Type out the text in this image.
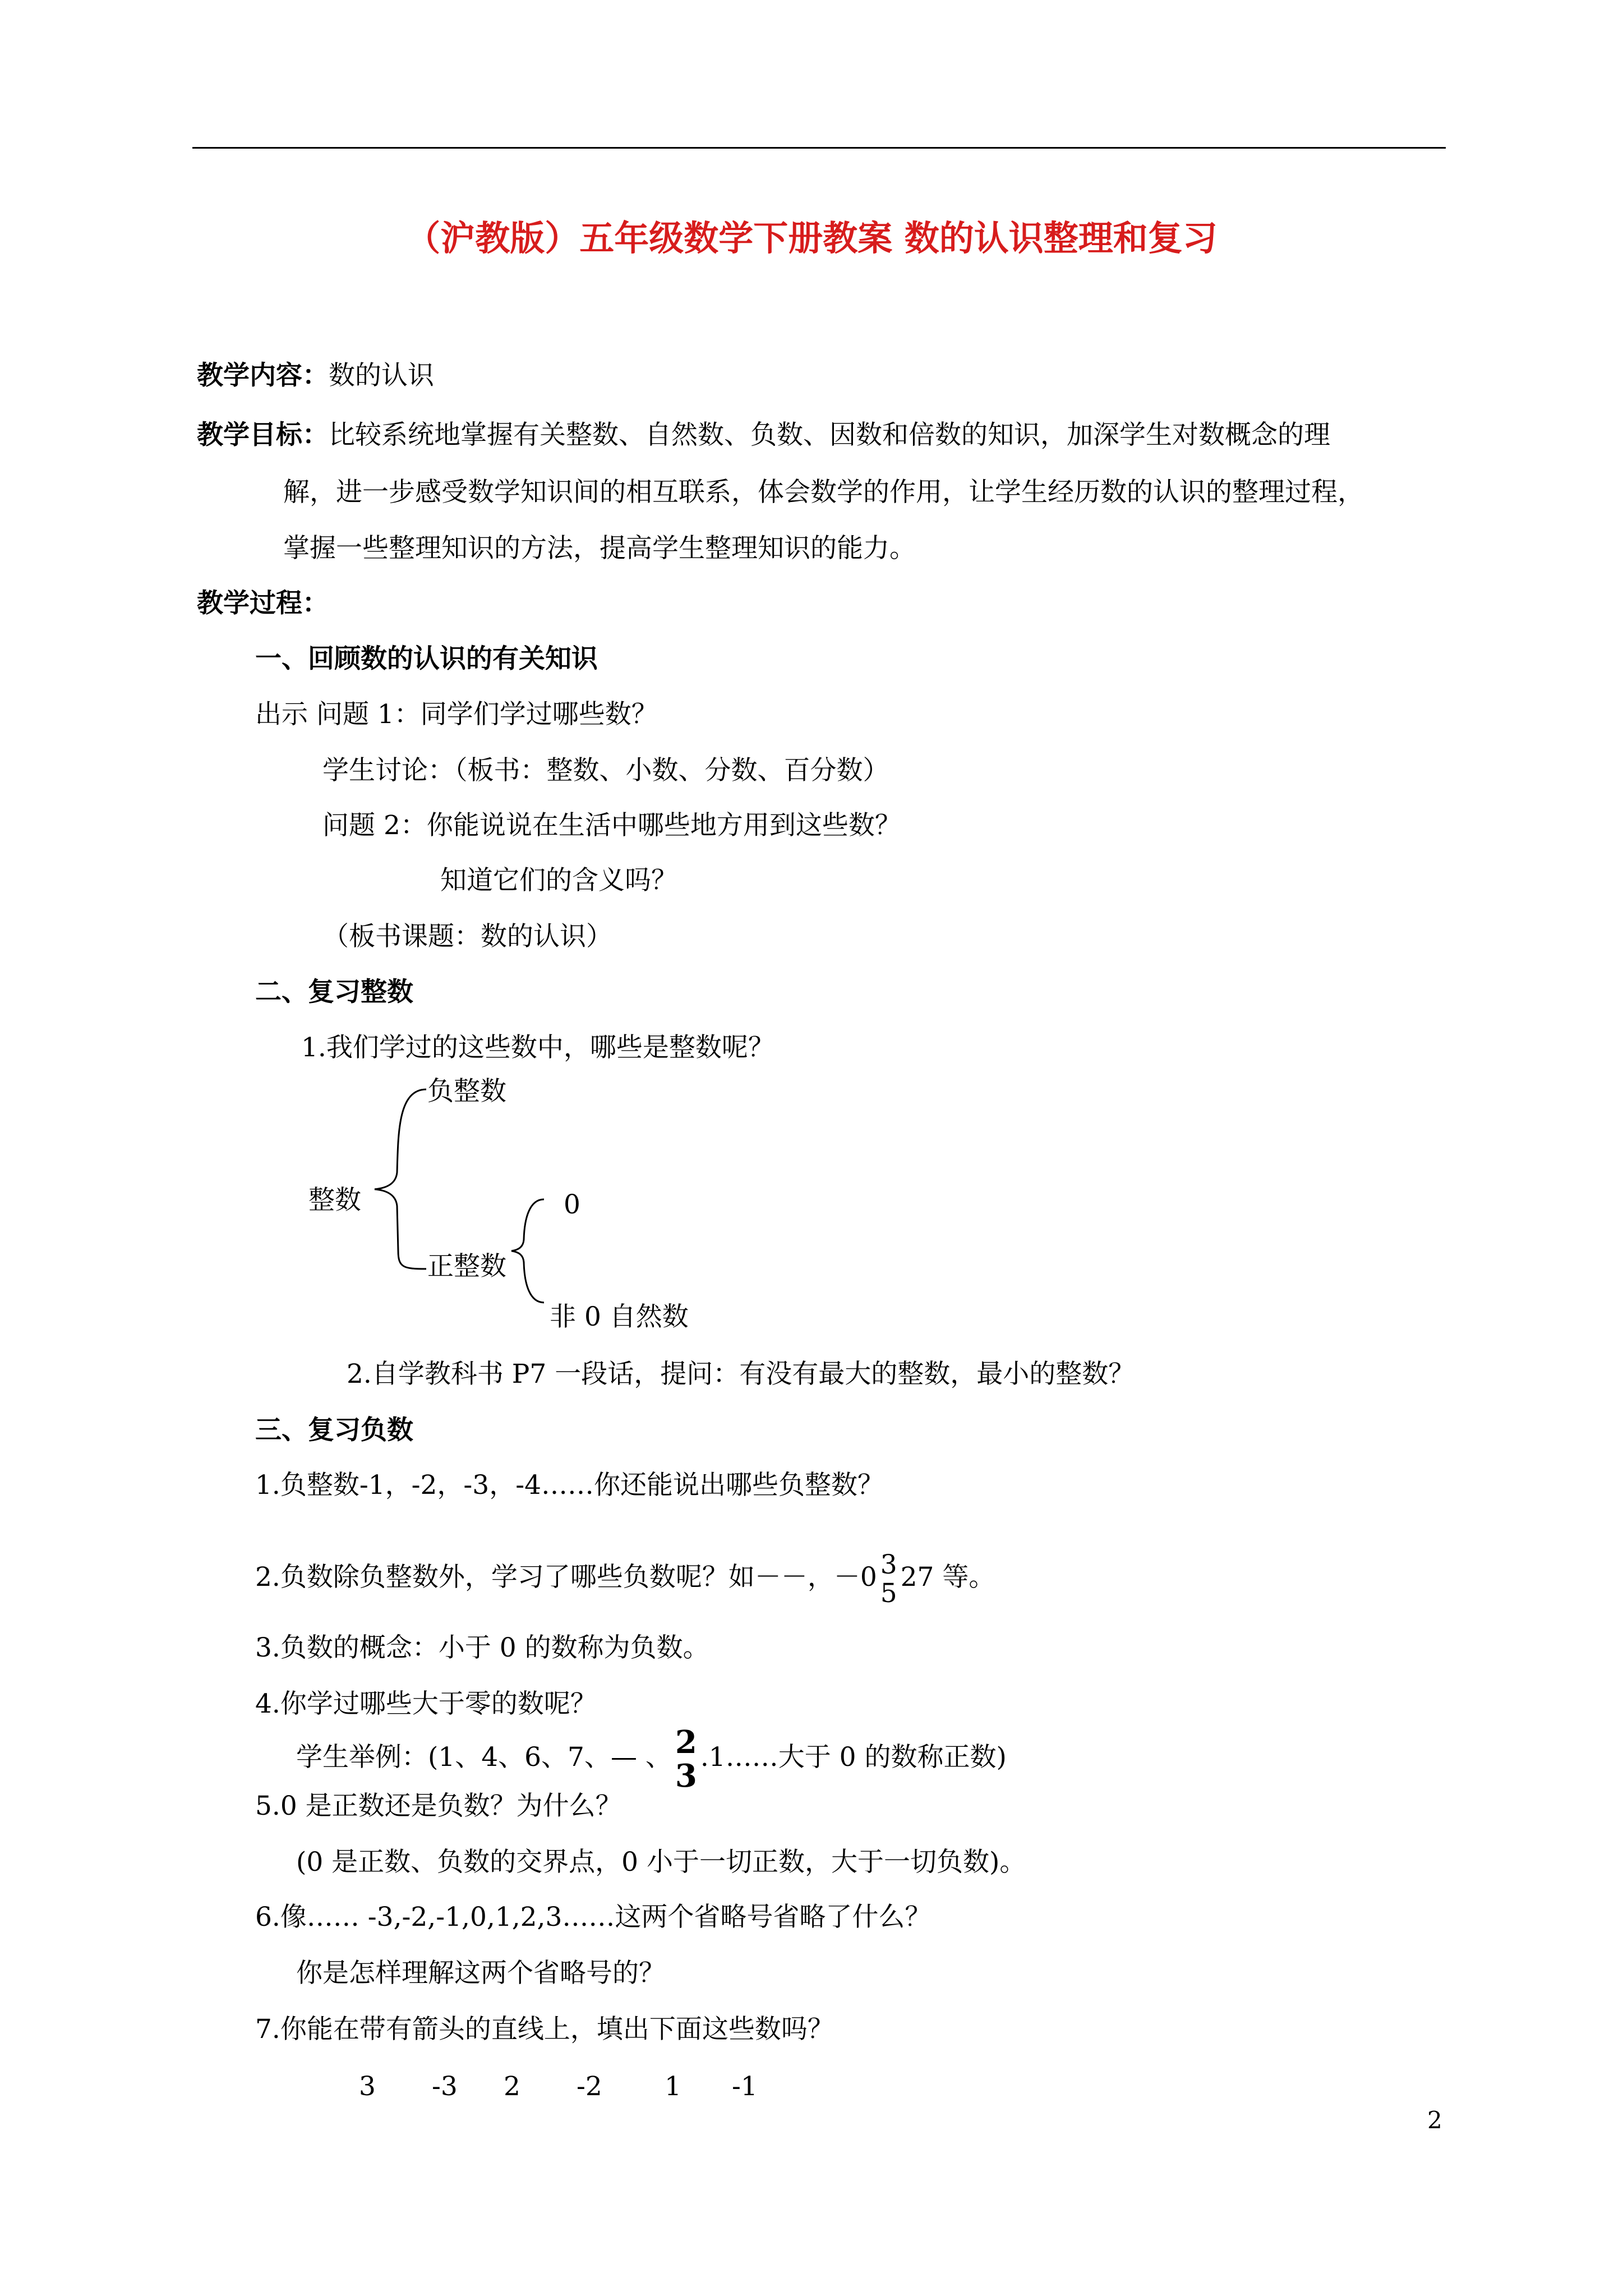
（沪教版）五年级数学下册教案 数的认识整理和复习
教学内容：数的认识
教学目标：比较系统地掌握有关整数、自然数、负数、因数和倍数的知识，加深学生对数概念的理
解，进一步感受数学知识间的相互联系，体会数学的作用，让学生经历数的认识的整理过程，
掌握一些整理知识的方法，提高学生整理知识的能力。
教学过程：
一、回顾数的认识的有关知识
出示 问题 1：同学们学过哪些数？
学生讨论：（板书：整数、小数、分数、百分数）
问题 2：你能说说在生活中哪些地方用到这些数？
知道它们的含义吗？
（板书课题：数的认识）
二、复习整数
1.我们学过的这些数中，哪些是整数呢？
整数
负整数
正整数
0
非 0 自然数
2.自学教科书 P7 一段话，提问：有没有最大的整数，最小的整数？
三、复习负数
1.负整数-1，-2，-3，-4……你还能说出哪些负整数？
2.负数除负整数外，学习了哪些负数呢？如－－，－0 3
5
27 等。
3.负数的概念：小于 0 的数称为负数。
4.你学过哪些大于零的数呢？
学生举例：(1、4、6、7、— 、 2
3
.1……大于 0 的数称正数)
5.0 是正数还是负数？为什么？
(0 是正数、负数的交界点，0 小于一切正数，大于一切负数)。
6.像…… -3,-2,-1,0,1,2,3……这两个省略号省略了什么？
你是怎样理解这两个省略号的？
7.你能在带有箭头的直线上，填出下面这些数吗？
3 -3 2 -2 1 -1
2
